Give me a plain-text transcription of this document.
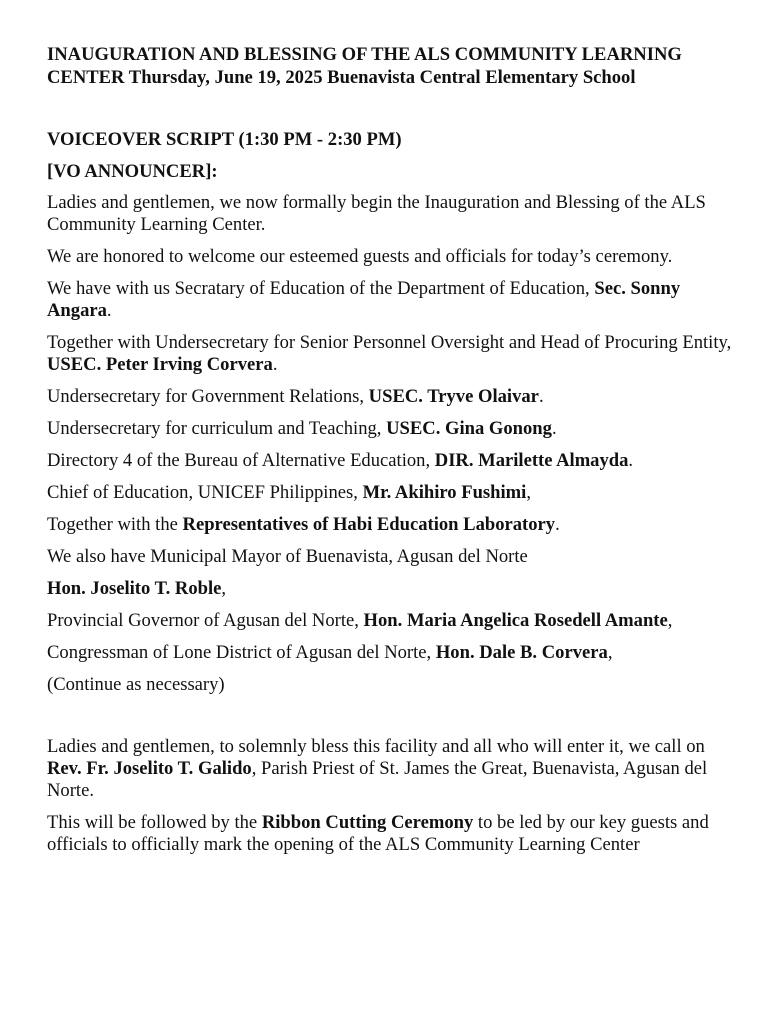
INAUGURATION AND BLESSING OF THE ALS COMMUNITY LEARNING CENTER Thursday, June 19, 2025 Buenavista Central Elementary School

VOICEOVER SCRIPT (1:30 PM - 2:30 PM)

[VO ANNOUNCER]:

Ladies and gentlemen, we now formally begin the Inauguration and Blessing of the ALS Community Learning Center.

We are honored to welcome our esteemed guests and officials for today’s ceremony.

We have with us Secratary of Education of the Department of Education, Sec. Sonny Angara.

Together with Undersecretary for Senior Personnel Oversight and Head of Procuring Entity, USEC. Peter Irving Corvera.

Undersecretary for Government Relations, USEC. Tryve Olaivar.

Undersecretary for curriculum and Teaching, USEC. Gina Gonong.

Directory 4 of the Bureau of Alternative Education, DIR. Marilette Almayda.

Chief of Education, UNICEF Philippines, Mr. Akihiro Fushimi,

Together with the Representatives of Habi Education Laboratory.

We also have Municipal Mayor of Buenavista, Agusan del Norte

Hon. Joselito T. Roble,

Provincial Governor of Agusan del Norte, Hon. Maria Angelica Rosedell Amante,

Congressman of Lone District of Agusan del Norte, Hon. Dale B. Corvera,

(Continue as necessary)

Ladies and gentlemen, to solemnly bless this facility and all who will enter it, we call on Rev. Fr. Joselito T. Galido, Parish Priest of St. James the Great, Buenavista, Agusan del Norte.

This will be followed by the Ribbon Cutting Ceremony to be led by our key guests and officials to officially mark the opening of the ALS Community Learning Center
